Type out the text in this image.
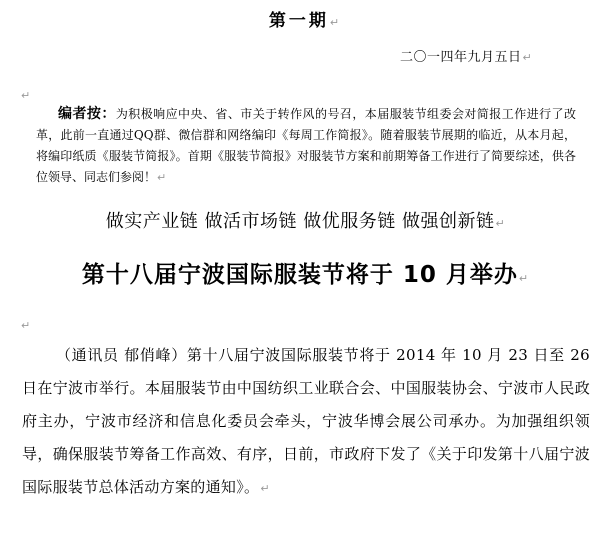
第一期↵
二〇一四年九月五日↵
↵
编者按：为积极响应中央、省、市关于转作风的号召，本届服装节组委会对简报工作进行了改革，此前一直通过QQ群、微信群和网络编印《每周工作简报》。随着服装节展期的临近，从本月起，将编印纸质《服装节简报》。首期《服装节简报》对服装节方案和前期筹备工作进行了简要综述，供各位领导、同志们参阅！↵
做实产业链 做活市场链 做优服务链 做强创新链↵
第十八届宁波国际服装节将于 10 月举办↵
↵
（通讯员 郁俏峰）第十八届宁波国际服装节将于 2014 年 10 月 23 日至 26 日在宁波市举行。本届服装节由中国纺织工业联合会、中国服装协会、宁波市人民政府主办，宁波市经济和信息化委员会牵头，宁波华博会展公司承办。为加强组织领导，确保服装节筹备工作高效、有序，日前，市政府下发了《关于印发第十八届宁波国际服装节总体活动方案的通知》。↵
